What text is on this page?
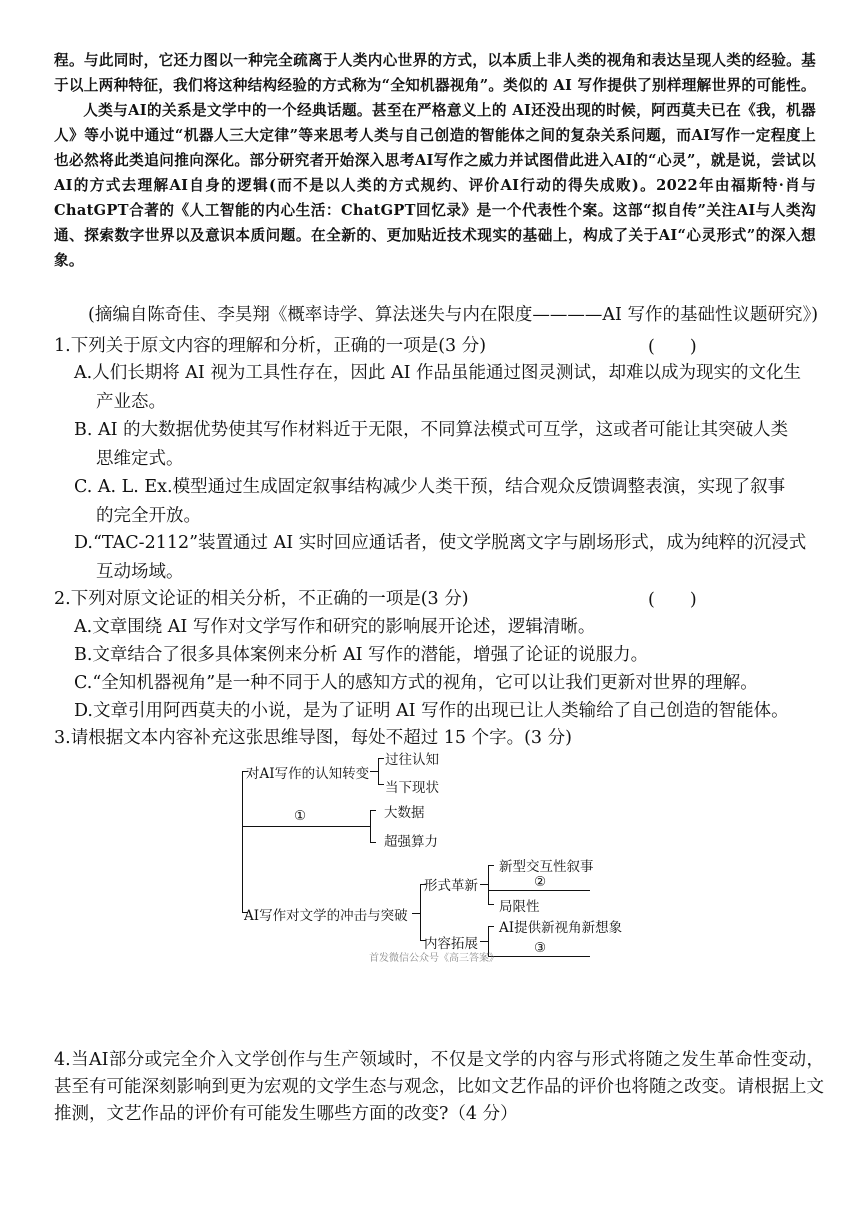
程。与此同时，它还力图以一种完全疏离于人类内心世界的方式，以本质上非人类的视角和表达呈现人类的经验。基于以上两种特征，我们将这种结构经验的方式称为“全知机器视角”。类似的 AI 写作提供了别样理解世界的可能性。

人类与AI的关系是文学中的一个经典话题。甚至在严格意义上的 AI还没出现的时候，阿西莫夫已在《我，机器人》等小说中通过“机器人三大定律”等来思考人类与自己创造的智能体之间的复杂关系问题，而AI写作一定程度上也必然将此类追问推向深化。部分研究者开始深入思考AI写作之威力并试图借此进入AI的“心灵”，就是说，尝试以AI的方式去理解AI自身的逻辑(而不是以人类的方式规约、评价AI行动的得失成败)。2022年由福斯特·肖与ChatGPT合著的《人工智能的内心生活：ChatGPT回忆录》是一个代表性个案。这部“拟自传”关注AI与人类沟通、探索数字世界以及意识本质问题。在全新的、更加贴近技术现实的基础上，构成了关于AI“心灵形式”的深入想象。

(摘编自陈奇佳、李昊翔《概率诗学、算法迷失与内在限度————AI 写作的基础性议题研究》)
1.下列关于原文内容的理解和分析，正确的一项是(3 分)	(　　)
A.人们长期将 AI 视为工具性存在，因此 AI 作品虽能通过图灵测试，却难以成为现实的文化生
产业态。
B. AI 的大数据优势使其写作材料近于无限，不同算法模式可互学，这或者可能让其突破人类
思维定式。
C. A. L. Ex.模型通过生成固定叙事结构减少人类干预，结合观众反馈调整表演，实现了叙事
的完全开放。
D.“TAC-2112”装置通过 AI 实时回应通话者，使文学脱离文字与剧场形式，成为纯粹的沉浸式
互动场域。
2.下列对原文论证的相关分析，不正确的一项是(3 分)	(　　)
A.文章围绕 AI 写作对文学写作和研究的影响展开论述，逻辑清晰。
B.文章结合了很多具体案例来分析 AI 写作的潜能，增强了论证的说服力。
C.“全知机器视角”是一种不同于人的感知方式的视角，它可以让我们更新对世界的理解。
D.文章引用阿西莫夫的小说，是为了证明 AI 写作的出现已让人类输给了自己创造的智能体。
3.请根据文本内容补充这张思维导图，每处不超过 15 个字。(3 分)
对AI写作的认知转变
过往认知
当下现状
①	大数据
超强算力
AI写作对文学的冲击与突破
形式革新
新型交互性叙事
②
局限性
内容拓展
AI提供新视角新想象
③
首发微信公众号《高三答案》
4.当AI部分或完全介入文学创作与生产领域时，不仅是文学的内容与形式将随之发生革命性变动，甚至有可能深刻影响到更为宏观的文学生态与观念，比如文艺作品的评价也将随之改变。请根据上文推测，文艺作品的评价有可能发生哪些方面的改变?（4 分）
